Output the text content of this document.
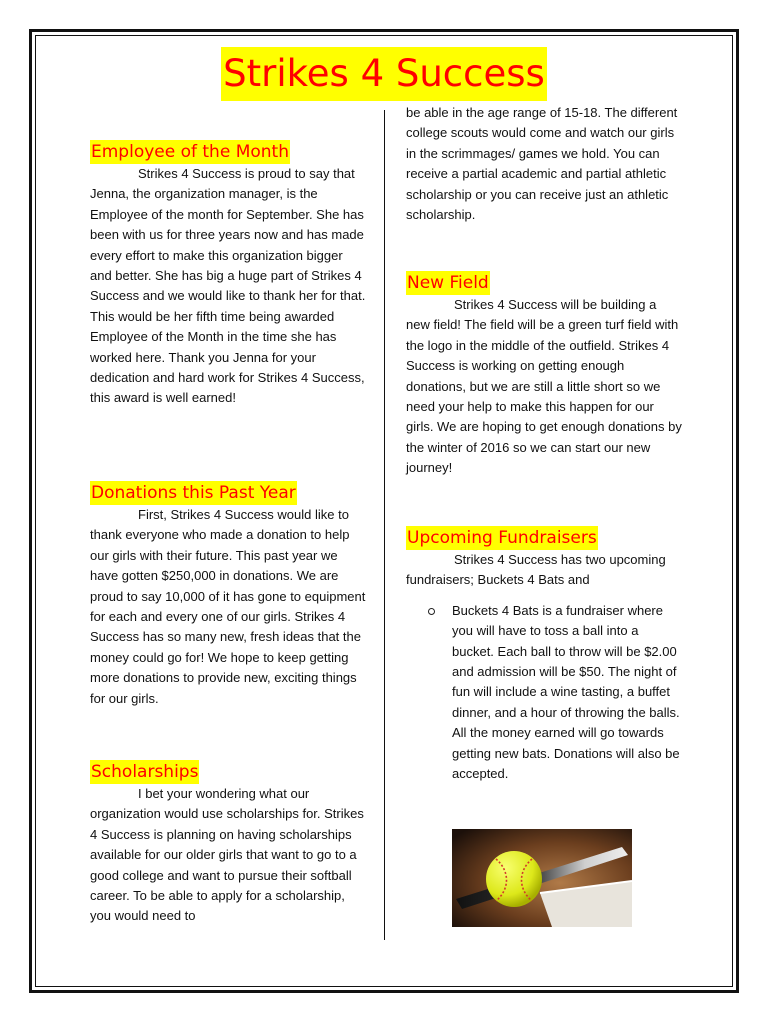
Strikes 4 Success
Employee of the Month

Strikes 4 Success is proud to say that Jenna, the organization manager, is the Employee of the month for September. She has been with us for three years now and has made every effort to make this organization bigger and better. She has big a huge part of Strikes 4 Success and we would like to thank her for that. This would be her fifth time being awarded Employee of the Month in the time she has worked here. Thank you Jenna for your dedication and hard work for Strikes 4 Success, this award is well earned!

Donations this Past Year

First, Strikes 4 Success would like to thank everyone who made a donation to help our girls with their future. This past year we have gotten $250,000 in donations. We are proud to say 10,000 of it has gone to equipment for each and every one of our girls. Strikes 4 Success has so many new, fresh ideas that the money could go for! We hope to keep getting more donations to provide new, exciting things for our girls.

Scholarships

I bet your wondering what our organization would use scholarships for. Strikes 4 Success is planning on having scholarships available for our older girls that want to go to a good college and want to pursue their softball career. To be able to apply for a scholarship, you would need to

be able in the age range of 15-18. The different college scouts would come and watch our girls in the scrimmages/ games we hold. You can receive a partial academic and partial athletic scholarship or you can receive just an athletic scholarship.

New Field

Strikes 4 Success will be building a new field! The field will be a green turf field with the logo in the middle of the outfield. Strikes 4 Success is working on getting enough donations, but we are still a little short so we need your help to make this happen for our girls. We are hoping to get enough donations by the winter of 2016 so we can start our new journey!

Upcoming Fundraisers

Strikes 4 Success has two upcoming fundraisers; Buckets 4 Bats and

Buckets 4 Bats is a fundraiser where you will have to toss a ball into a bucket. Each ball to throw will be $2.00 and admission will be $50. The night of fun will include a wine tasting, a buffet dinner, and a hour of throwing the balls. All the money earned will go towards getting new bats. Donations will also be accepted.
